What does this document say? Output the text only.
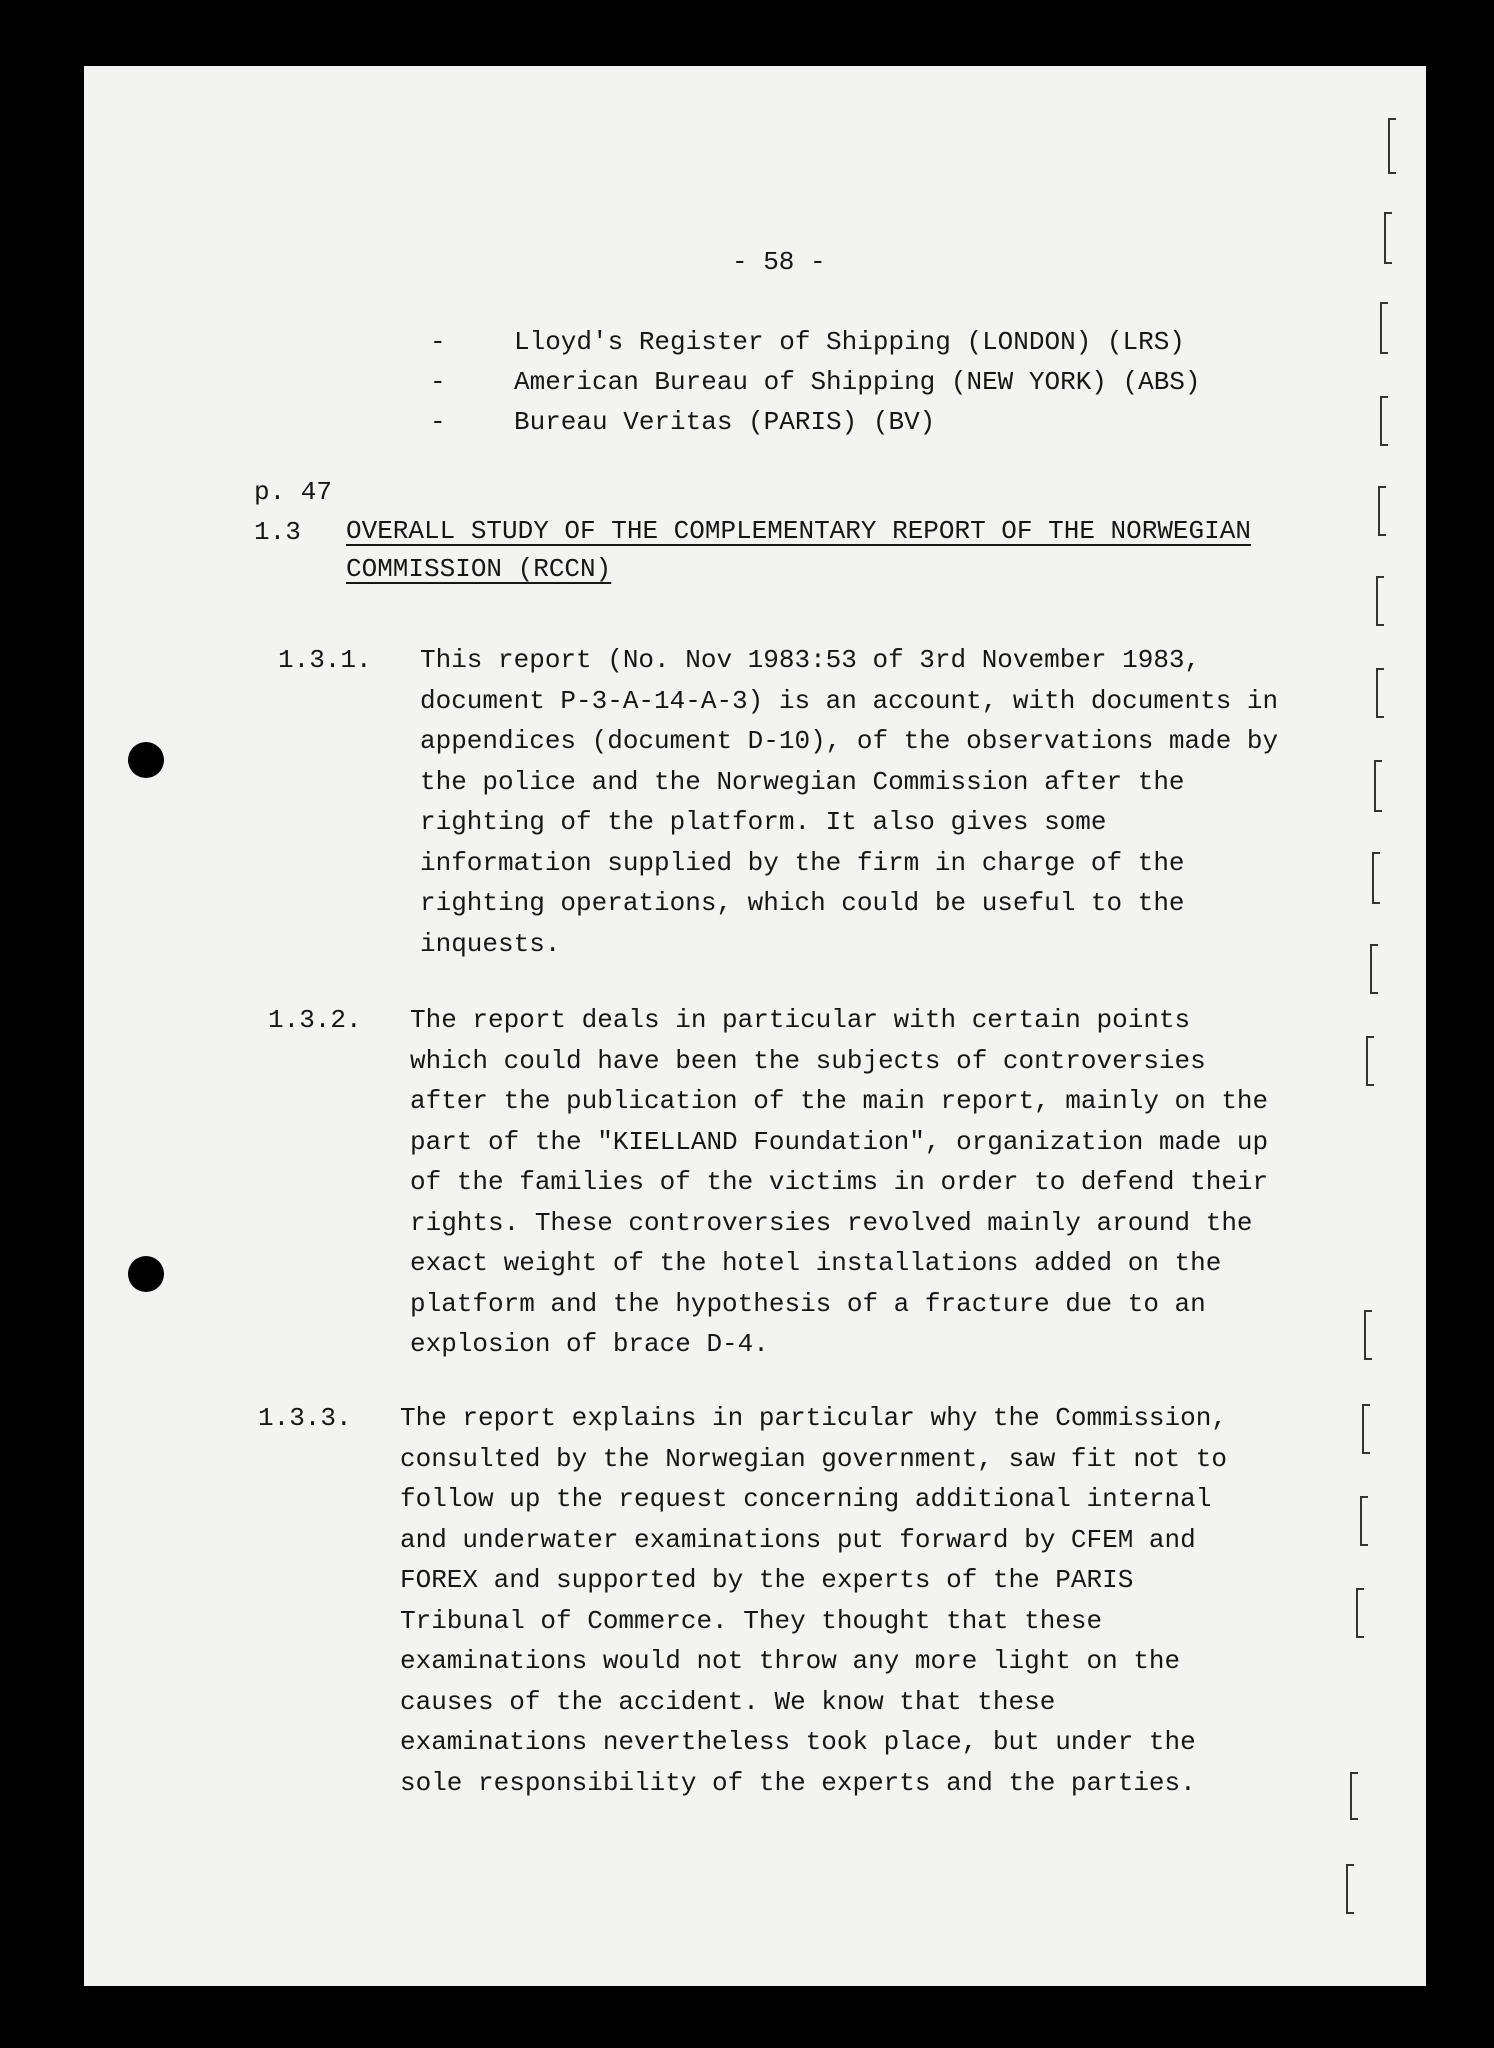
- 58 -
-	Lloyd's Register of Shipping (LONDON) (LRS)
-	American Bureau of Shipping (NEW YORK) (ABS)
-	Bureau Veritas (PARIS) (BV)
p. 47
1.3	OVERALL STUDY OF THE COMPLEMENTARY REPORT OF THE NORWEGIAN
COMMISSION (RCCN)
1.3.1.	This report (No. Nov 1983:53 of 3rd November 1983,
document P-3-A-14-A-3) is an account, with documents in
appendices (document D-10), of the observations made by
the police and the Norwegian Commission after the
righting of the platform. It also gives some
information supplied by the firm in charge of the
righting operations, which could be useful to the
inquests.
1.3.2.	The report deals in particular with certain points
which could have been the subjects of controversies
after the publication of the main report, mainly on the
part of the "KIELLAND Foundation", organization made up
of the families of the victims in order to defend their
rights. These controversies revolved mainly around the
exact weight of the hotel installations added on the
platform and the hypothesis of a fracture due to an
explosion of brace D-4.
1.3.3.	The report explains in particular why the Commission,
consulted by the Norwegian government, saw fit not to
follow up the request concerning additional internal
and underwater examinations put forward by CFEM and
FOREX and supported by the experts of the PARIS
Tribunal of Commerce. They thought that these
examinations would not throw any more light on the
causes of the accident. We know that these
examinations nevertheless took place, but under the
sole responsibility of the experts and the parties.
